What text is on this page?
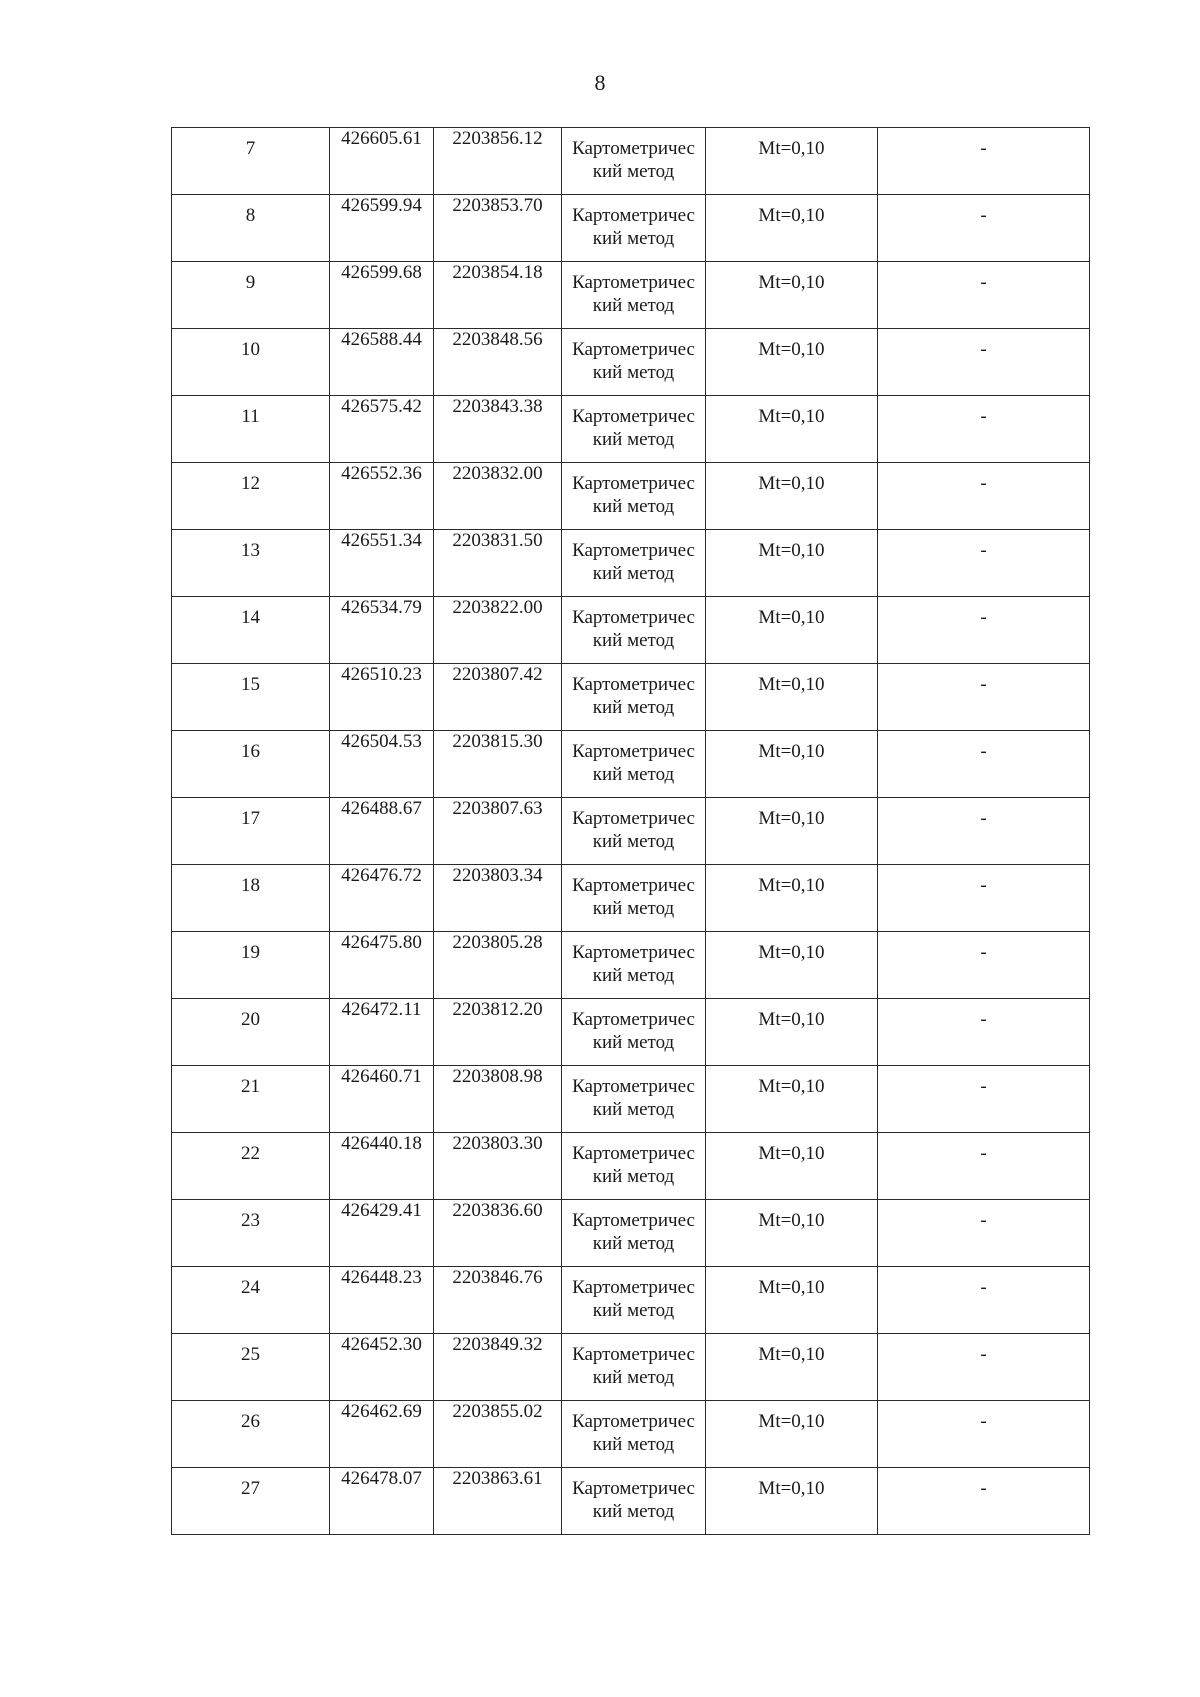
8
7	426605.61	2203856.12	Картометричес
кий метод	Mt=0,10	-

8	426599.94	2203853.70	Картометричес
кий метод	Mt=0,10	-

9	426599.68	2203854.18	Картометричес
кий метод	Mt=0,10	-

10	426588.44	2203848.56	Картометричес
кий метод	Mt=0,10	-

11	426575.42	2203843.38	Картометричес
кий метод	Mt=0,10	-

12	426552.36	2203832.00	Картометричес
кий метод	Mt=0,10	-

13	426551.34	2203831.50	Картометричес
кий метод	Mt=0,10	-

14	426534.79	2203822.00	Картометричес
кий метод	Mt=0,10	-

15	426510.23	2203807.42	Картометричес
кий метод	Mt=0,10	-

16	426504.53	2203815.30	Картометричес
кий метод	Mt=0,10	-

17	426488.67	2203807.63	Картометричес
кий метод	Mt=0,10	-

18	426476.72	2203803.34	Картометричес
кий метод	Mt=0,10	-

19	426475.80	2203805.28	Картометричес
кий метод	Mt=0,10	-

20	426472.11	2203812.20	Картометричес
кий метод	Mt=0,10	-

21	426460.71	2203808.98	Картометричес
кий метод	Mt=0,10	-

22	426440.18	2203803.30	Картометричес
кий метод	Mt=0,10	-

23	426429.41	2203836.60	Картометричес
кий метод	Mt=0,10	-

24	426448.23	2203846.76	Картометричес
кий метод	Mt=0,10	-

25	426452.30	2203849.32	Картометричес
кий метод	Mt=0,10	-

26	426462.69	2203855.02	Картометричес
кий метод	Mt=0,10	-

27	426478.07	2203863.61	Картометричес
кий метод	Mt=0,10	-
